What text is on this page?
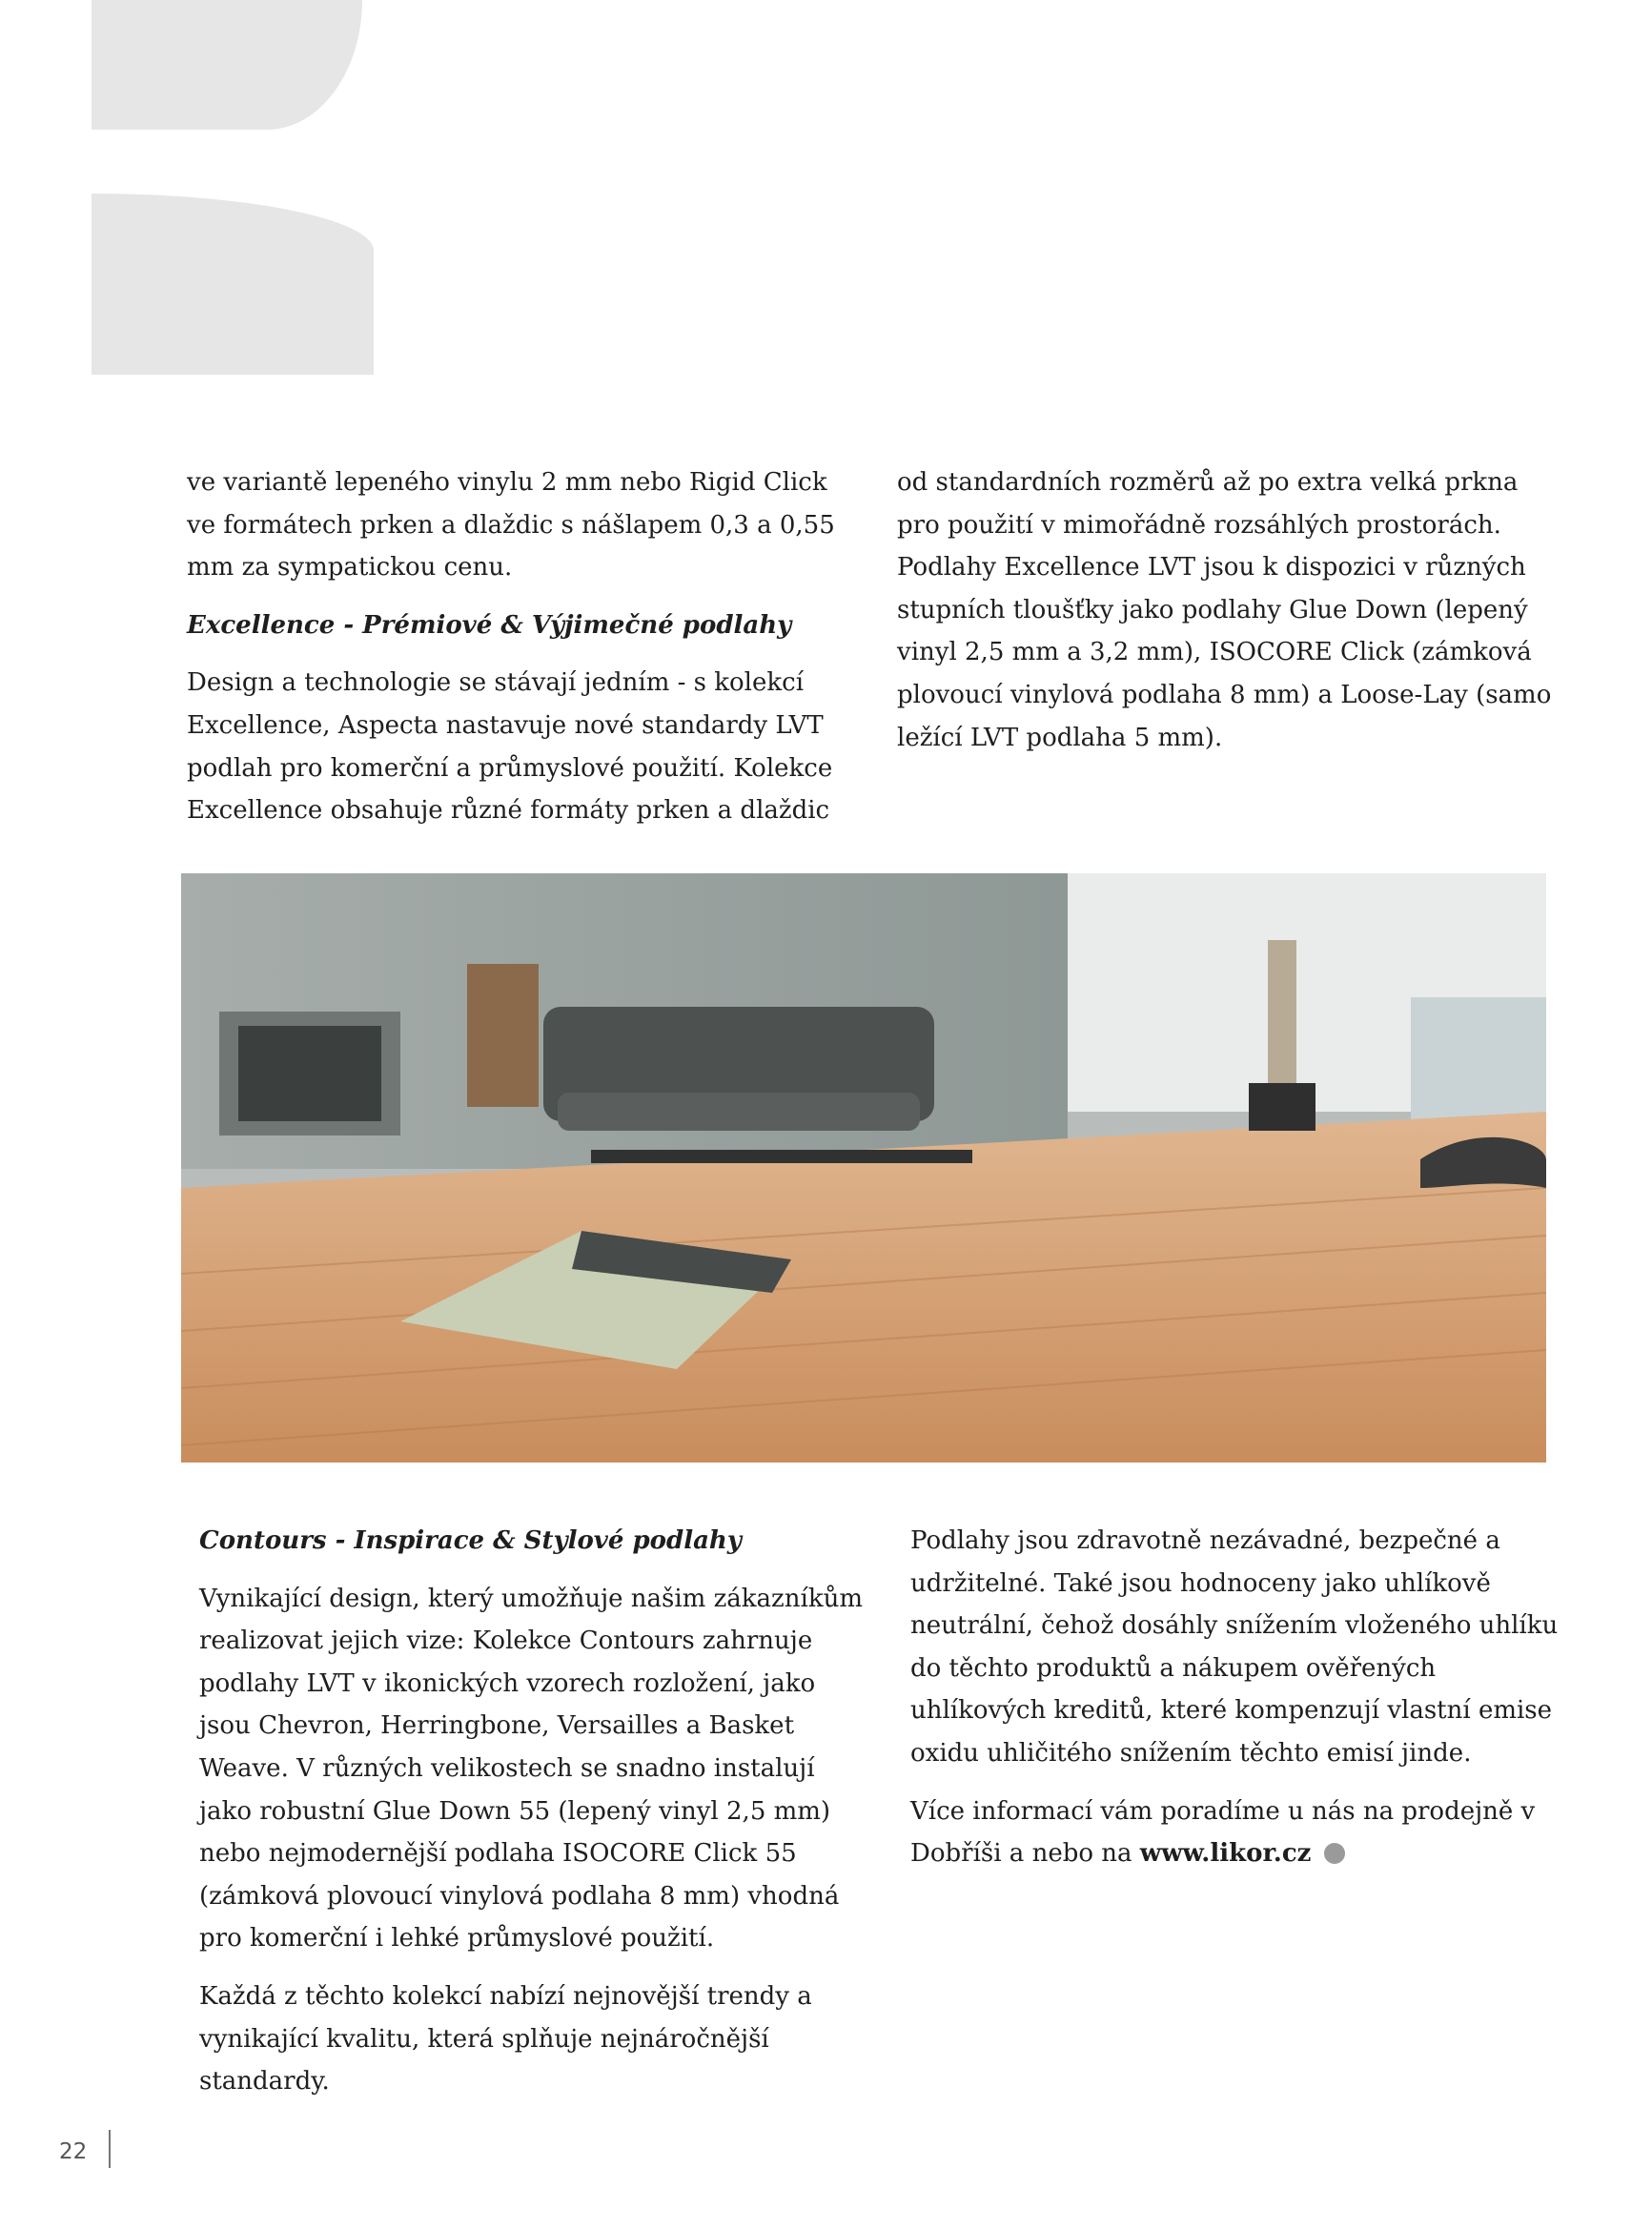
ve variantě lepeného vinylu 2 mm nebo Rigid Click ve formátech prken a dlaždic s nášlapem 0,3 a 0,55 mm za sympatickou cenu.

Excellence - Prémiové & Výjimečné podlahy

Design a technologie se stávají jedním - s kolekcí Excellence, Aspecta nastavuje nové standardy LVT podlah pro komerční a průmyslové použití. Kolekce Excellence obsahuje různé formáty prken a dlaždic

od standardních rozměrů až po extra velká prkna pro použití v mimořádně rozsáhlých prostorách. Podlahy Excellence LVT jsou k dispozici v různých stupních tloušťky jako podlahy Glue Down (lepený vinyl 2,5 mm a 3,2 mm), ISOCORE Click (zámková plovoucí vinylová podlaha 8 mm) a Loose-Lay (samo ležící LVT podlaha 5 mm).

Contours - Inspirace & Stylové podlahy

Vynikající design, který umožňuje našim zákazníkům realizovat jejich vize: Kolekce Contours zahrnuje podlahy LVT v ikonických vzorech rozložení, jako jsou Chevron, Herringbone, Versailles a Basket Weave. V různých velikostech se snadno instalují jako robustní Glue Down 55 (lepený vinyl 2,5 mm) nebo nejmodernější podlaha ISOCORE Click 55 (zámková plovoucí vinylová podlaha 8 mm) vhodná pro komerční i lehké průmyslové použití.

Každá z těchto kolekcí nabízí nejnovější trendy a vynikající kvalitu, která splňuje nejnáročnější standardy.

Podlahy jsou zdravotně nezávadné, bezpečné a udržitelné. Také jsou hodnoceny jako uhlíkově neutrální, čehož dosáhly snížením vloženého uhlíku do těchto produktů a nákupem ověřených uhlíkových kreditů, které kompenzují vlastní emise oxidu uhličitého snížením těchto emisí jinde.

Více informací vám poradíme u nás na prodejně v Dobříši a nebo na www.likor.cz

22
